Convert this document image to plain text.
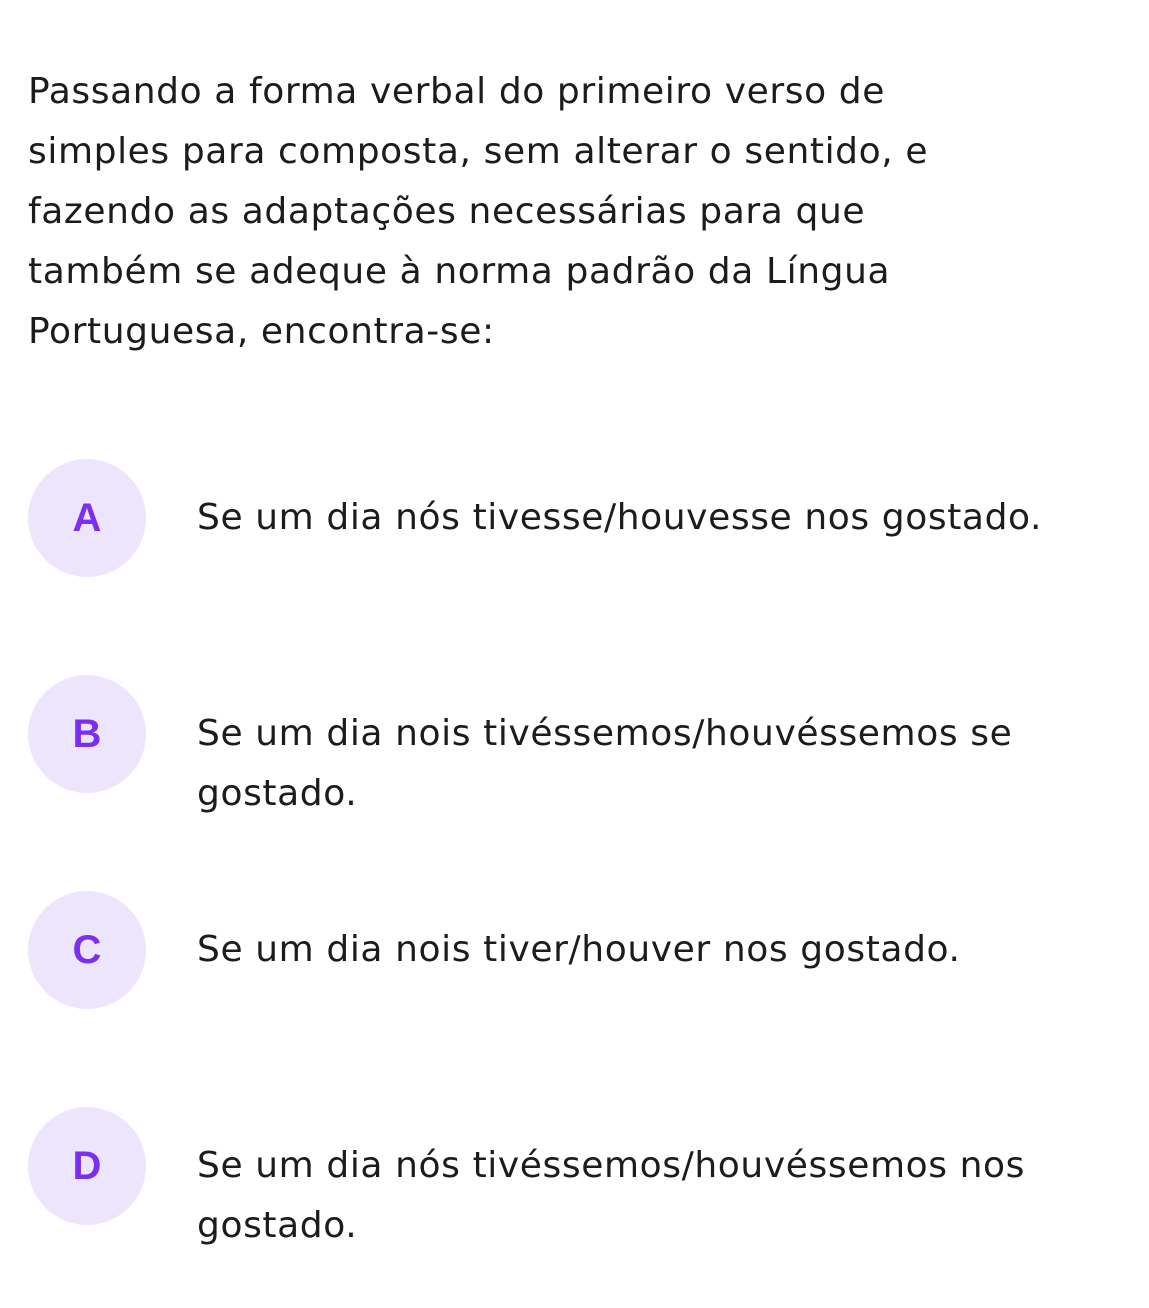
Passando a forma verbal do primeiro verso de simples para composta, sem alterar o sentido, e fazendo as adaptações necessárias para que também se adeque à norma padrão da Língua Portuguesa, encontra-se:
A	Se um dia nós tivesse/houvesse nos gostado.
B	Se um dia nois tivéssemos/houvéssemos se gostado.
C	Se um dia nois tiver/houver nos gostado.
D	Se um dia nós tivéssemos/houvéssemos nos gostado.
